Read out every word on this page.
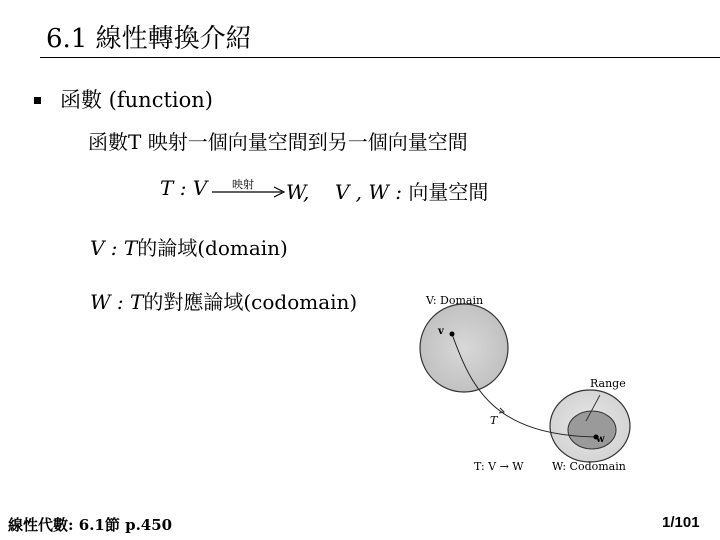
6.1 線性轉換介紹
函數 (function)
函數T 映射一個向量空間到另一個向量空間
T : V 映射 W, V , W : 向量空間
V : T的論域(domain)
W : T的對應論域(codomain)	V: Domain
Range
T
v
w
T: V → W	W: Codomain
線性代數: 6.1節 p.450	1/101
